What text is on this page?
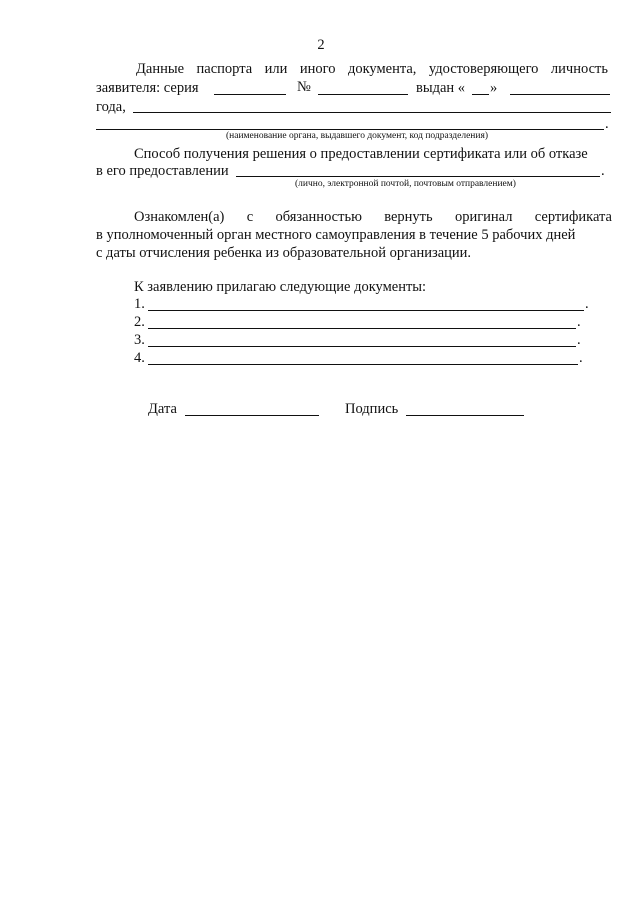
2
Данные паспорта или иного документа, удостоверяющего личность
заявителя: серия	№	выдан « »
года,
.
(наименование органа, выдавшего документ, код подразделения)
Способ получения решения о предоставлении сертификата или об отказе
в его предоставлении	.
(лично, электронной почтой, почтовым отправлением)
Ознакомлен(а) с обязанностью вернуть оригинал сертификата
в уполномоченный орган местного самоуправления в течение 5 рабочих дней
с даты отчисления ребенка из образовательной организации.
К заявлению прилагаю следующие документы:
1.	.
2.	.
3.	.
4.	.
Дата	Подпись
